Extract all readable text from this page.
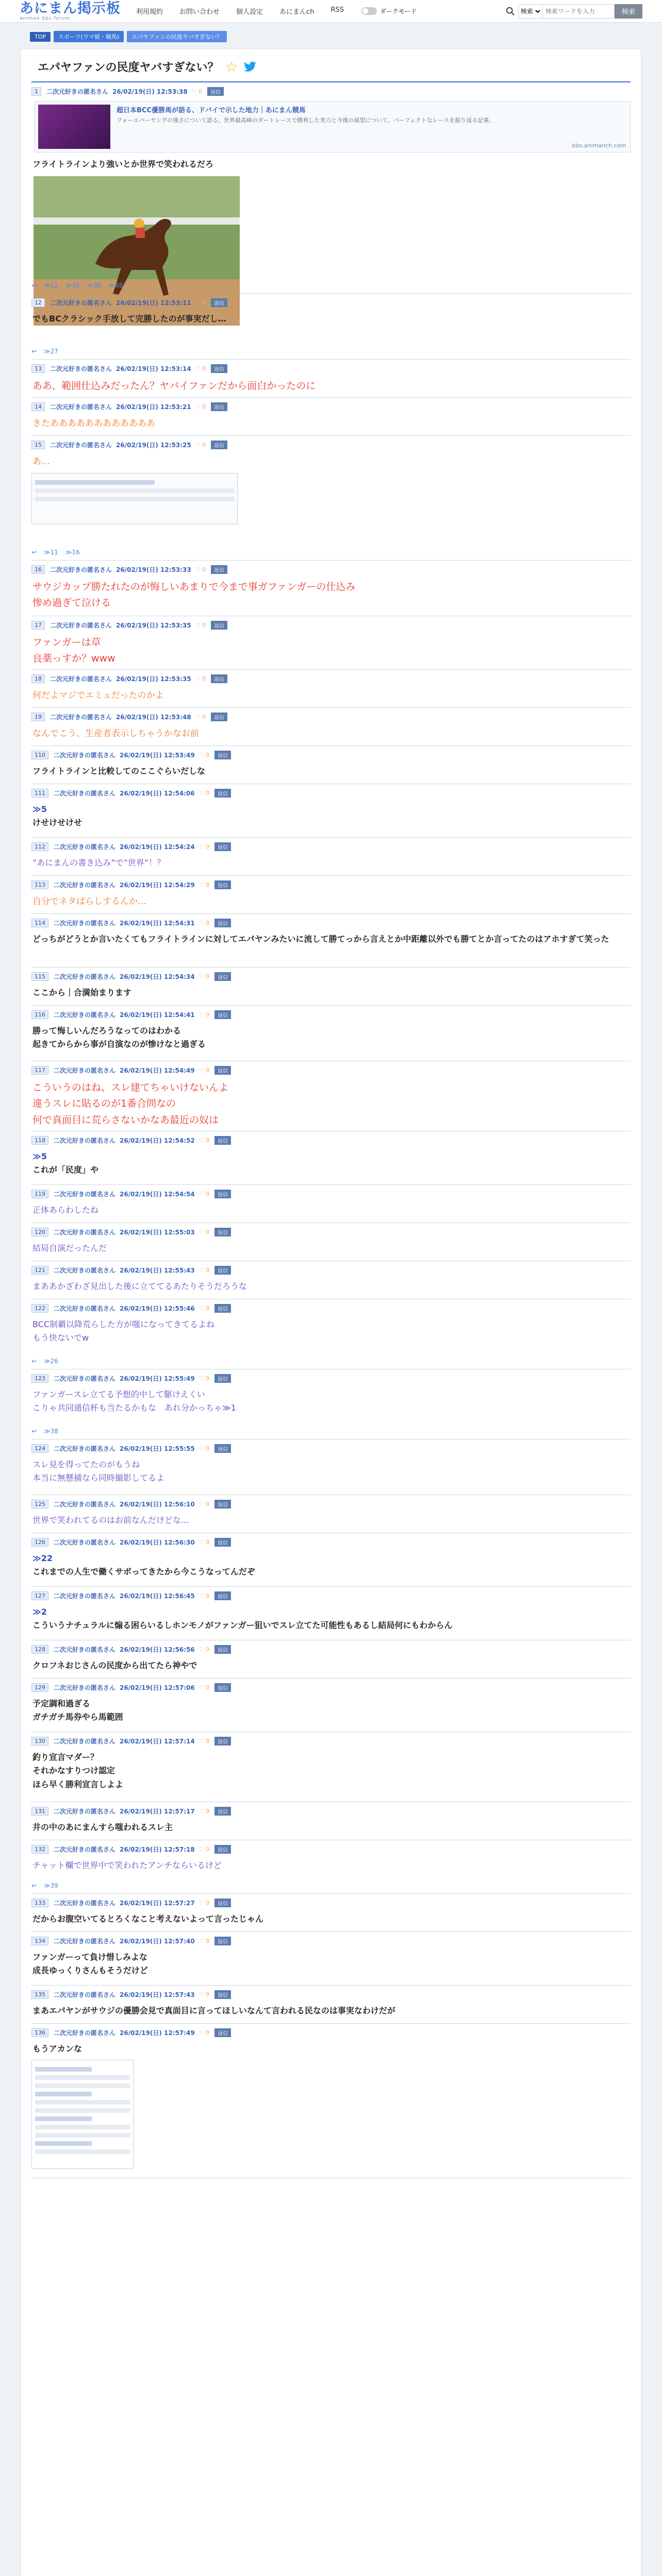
あにまん掲示板
animan bbs forum
利用規約 お問い合わせ 個人設定 あにまんch RSS	ダークモード
検索
検索ワードを入力	検索
TOP	スポーツ(ウマ娘・競馬)	エパヤファンの民度ヤバすぎない？
エパヤファンの民度ヤバすぎない？ ☆
1	二次元好きの匿名さん 26/02/19(日) 12:53:38 ♡ 0	返信
超日本BCC優勝馬が語る、ドバイで示した地力｜あにまん競馬
フォーエバーヤングの強さについて語る。世界最高峰のダートレースで勝利した実力と今後の展望について。パーフェクトなレースを振り返る記事。
bbs.animanch.com
フライトラインより強いとか世界で笑われるだろ
↩ ≫12 ≫45 ≫86 ≫88
12	二次元好きの匿名さん 26/02/19(日) 12:53:11 ♡ 0	返信
でもBCクラシック手放して完勝したのが事実だし…
↩ ≫27
13	二次元好きの匿名さん 26/02/19(日) 12:53:14 ♡ 0	返信
ああ、範囲仕込みだったん？ヤバイファンだから面白かったのに
14	二次元好きの匿名さん 26/02/19(日) 12:53:21 ♡ 0	返信
きたああああああああああああ
15	二次元好きの匿名さん 26/02/19(日) 12:53:25 ♡ 0	返信
あ…
↩ ≫11 ≫16
16	二次元好きの匿名さん 26/02/19(日) 12:53:33 ♡ 0	返信
サウジカップ勝たれたのが悔しいあまりで今まで事ガファンガーの仕込み
惨め過ぎて泣ける
17	二次元好きの匿名さん 26/02/19(日) 12:53:35 ♡ 0	返信
ファンガーは草
良薬っすか？www
18	二次元好きの匿名さん 26/02/19(日) 12:53:35 ♡ 0	返信
何だよマジでエミュだったのかよ
19	二次元好きの匿名さん 26/02/19(日) 12:53:48 ♡ 0	返信
なんでこう、生産者表示しちゃうかなお前
110	二次元好きの匿名さん 26/02/19(日) 12:53:49 ♡ 0	返信
フライトラインと比較してのここぐらいだしな
111	二次元好きの匿名さん 26/02/19(日) 12:54:06 ♡ 0	返信
≫5
けせけせけせ
112	二次元好きの匿名さん 26/02/19(日) 12:54:24 ♡ 0	返信
”あにまんの書き込み”で”世界”！？
113	二次元好きの匿名さん 26/02/19(日) 12:54:29 ♡ 0	返信
自分でネタばらしするんか…
114	二次元好きの匿名さん 26/02/19(日) 12:54:31 ♡ 0	返信
どっちがどうとか言いたくてもフライトラインに対してエパヤンみたいに流して勝てっから言えとか中距離以外でも勝てとか言ってたのはアホすぎて笑った
115	二次元好きの匿名さん 26/02/19(日) 12:54:34 ♡ 0	返信
ここから｜合満始まります
116	二次元好きの匿名さん 26/02/19(日) 12:54:41 ♡ 0	返信
勝って悔しいんだろうなってのはわかる
起きてからから事が自演なのが惨けなと過ぎる
117	二次元好きの匿名さん 26/02/19(日) 12:54:49 ♡ 0	返信
こういうのはね、スレ建てちゃいけないんよ
違うスレに貼るのが1番合問なの
何で真面目に荒らさないかなあ最近の奴は
118	二次元好きの匿名さん 26/02/19(日) 12:54:52 ♡ 0	返信
≫5
これが「民度」や
119	二次元好きの匿名さん 26/02/19(日) 12:54:54 ♡ 0	返信
正体あらわしたね
120	二次元好きの匿名さん 26/02/19(日) 12:55:03 ♡ 0	返信
結局自演だったんだ
121	二次元好きの匿名さん 26/02/19(日) 12:55:43 ♡ 0	返信
まああかざわざ見出した後に立ててるあたりそうだろうな
122	二次元好きの匿名さん 26/02/19(日) 12:55:46 ♡ 0	返信
BCC制覇以降荒らした方が嗤になってきてるよね
もう快ないでw
↩ ≫26
123	二次元好きの匿名さん 26/02/19(日) 12:55:49 ♡ 0	返信
ファンガースレ立てる予想的中して駆けえくい
こりゃ共同通信杯も当たるかもな　あれ分かっちゃ≫1
↩ ≫38
124	二次元好きの匿名さん 26/02/19(日) 12:55:55 ♡ 0	返信
スレ見を得ってたのがもうね
本当に無懸捕なら同時撮影してるよ
125	二次元好きの匿名さん 26/02/19(日) 12:56:10 ♡ 0	返信
世界で笑われてるのはお前なんだけどな…
126	二次元好きの匿名さん 26/02/19(日) 12:56:30 ♡ 0	返信
≫22
これまでの人生で働くサボってきたから今こうなってんだぞ
127	二次元好きの匿名さん 26/02/19(日) 12:56:45 ♡ 0	返信
≫2
こういうナチュラルに煽る困らいるしホンモノがファンガー狙いでスレ立てた可能性もあるし結局何にもわからん
128	二次元好きの匿名さん 26/02/19(日) 12:56:56 ♡ 0	返信
クロフネおじさんの民度から出てたら神やで
129	二次元好きの匿名さん 26/02/19(日) 12:57:06 ♡ 0	返信
予定調和過ぎる
ガチガチ馬券やら馬範囲
130	二次元好きの匿名さん 26/02/19(日) 12:57:14 ♡ 0	返信
釣り宣言マダー？
それかなすりつけ認定
ほら早く勝利宣言しよよ
131	二次元好きの匿名さん 26/02/19(日) 12:57:17 ♡ 0	返信
井の中のあにまんすら嗤われるスレ主
132	二次元好きの匿名さん 26/02/19(日) 12:57:18 ♡ 0	返信
チャット欄で世界中で笑われたアンチならいるけど
↩ ≫39
133	二次元好きの匿名さん 26/02/19(日) 12:57:27 ♡ 0	返信
だからお腹空いてるとろくなこと考えないよって言ったじゃん
134	二次元好きの匿名さん 26/02/19(日) 12:57:40 ♡ 0	返信
ファンガーって負け惜しみよな
成長ゆっくりさんもそうだけど
135	二次元好きの匿名さん 26/02/19(日) 12:57:43 ♡ 0	返信
まあエパヤンがサウジの優勝会見で真面目に言ってほしいなんて言われる民なのは事実なわけだが
136	二次元好きの匿名さん 26/02/19(日) 12:57:49 ♡ 0	返信
もうアカンな
